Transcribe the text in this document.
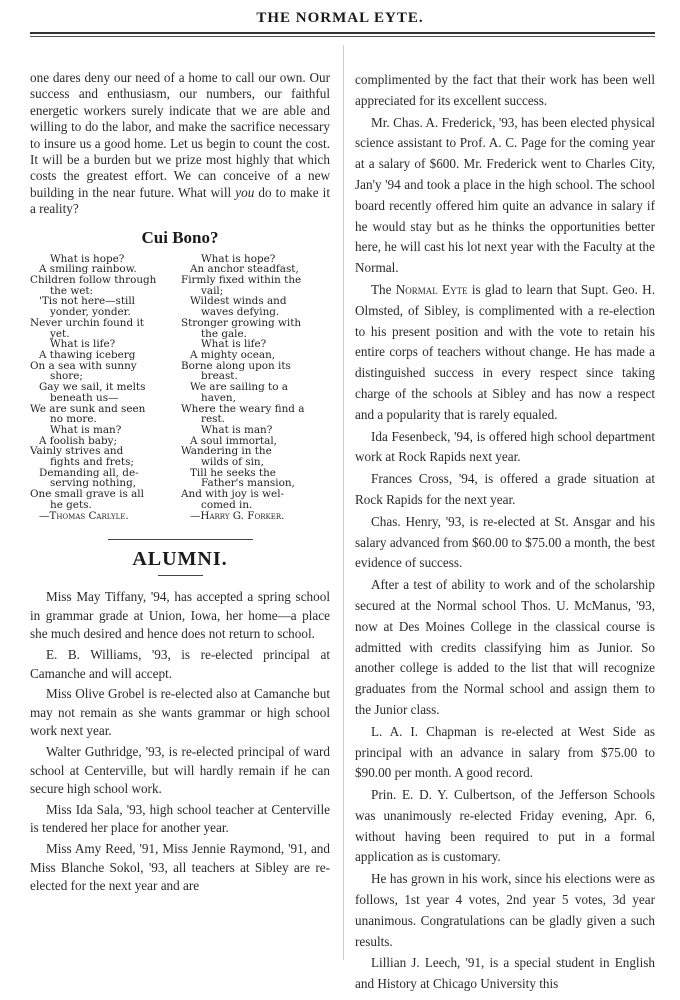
THE NORMAL EYTE.

one dares deny our need of a home to call our own. Our success and enthusiasm, our numbers, our faithful energetic workers surely indicate that we are able and willing to do the labor, and make the sacrifice necessary to insure us a good home. Let us begin to count the cost. It will be a burden but we prize most highly that which costs the greatest effort. We can conceive of a new building in the near future. What will you do to make it a reality?

Cui Bono?
What is hope?
A smiling rainbow.
Children follow through
the wet:
'Tis not here—still
yonder, yonder.
Never urchin found it
yet.
What is life?
A thawing iceberg
On a sea with sunny
shore;
Gay we sail, it melts
beneath us—
We are sunk and seen
no more.
What is man?
A foolish baby;
Vainly strives and
fights and frets;
Demanding all, de-
serving nothing,
One small grave is all
he gets.
—Thomas Carlyle.
What is hope?
An anchor steadfast,
Firmly fixed within the
vail;
Wildest winds and
waves defying.
Stronger growing with
the gale.
What is life?
A mighty ocean,
Borne along upon its
breast.
We are sailing to a
haven,
Where the weary find a
rest.
What is man?
A soul immortal,
Wandering in the
wilds of sin,
Till he seeks the
Father's mansion,
And with joy is wel-
comed in.
—Harry G. Forker.
ALUMNI.

Miss May Tiffany, '94, has accepted a spring school in grammar grade at Union, Iowa, her home—a place she much desired and hence does not return to school.

E. B. Williams, '93, is re-elected principal at Camanche and will accept.

Miss Olive Grobel is re-elected also at Camanche but may not remain as she wants grammar or high school work next year.

Walter Guthridge, '93, is re-elected principal of ward school at Centerville, but will hardly remain if he can secure high school work.

Miss Ida Sala, '93, high school teacher at Centerville is tendered her place for another year.

Miss Amy Reed, '91, Miss Jennie Raymond, '91, and Miss Blanche Sokol, '93, all teachers at Sibley are re-elected for the next year and are

complimented by the fact that their work has been well appreciated for its excellent success.

Mr. Chas. A. Frederick, '93, has been elected physical science assistant to Prof. A. C. Page for the coming year at a salary of $600. Mr. Frederick went to Charles City, Jan'y '94 and took a place in the high school. The school board recently offered him quite an advance in salary if he would stay but as he thinks the opportunities better here, he will cast his lot next year with the Faculty at the Normal.

The Normal Eyte is glad to learn that Supt. Geo. H. Olmsted, of Sibley, is complimented with a re-election to his present position and with the vote to retain his entire corps of teachers without change. He has made a distinguished success in every respect since taking charge of the schools at Sibley and has now a respect and a popularity that is rarely equaled.

Ida Fesenbeck, '94, is offered high school department work at Rock Rapids next year.

Frances Cross, '94, is offered a grade situation at Rock Rapids for the next year.

Chas. Henry, '93, is re-elected at St. Ansgar and his salary advanced from $60.00 to $75.00 a month, the best evidence of success.

After a test of ability to work and of the scholarship secured at the Normal school Thos. U. McManus, '93, now at Des Moines College in the classical course is admitted with credits classifying him as Junior. So another college is added to the list that will recognize graduates from the Normal school and assign them to the Junior class.

L. A. I. Chapman is re-elected at West Side as principal with an advance in salary from $75.00 to $90.00 per month. A good record.

Prin. E. D. Y. Culbertson, of the Jefferson Schools was unanimously re-elected Friday evening, Apr. 6, without having been required to put in a formal application as is customary.

He has grown in his work, since his elections were as follows, 1st year 4 votes, 2nd year 5 votes, 3d year unanimous. Congratulations can be gladly given a such results.

Lillian J. Leech, '91, is a special student in English and History at Chicago University this
